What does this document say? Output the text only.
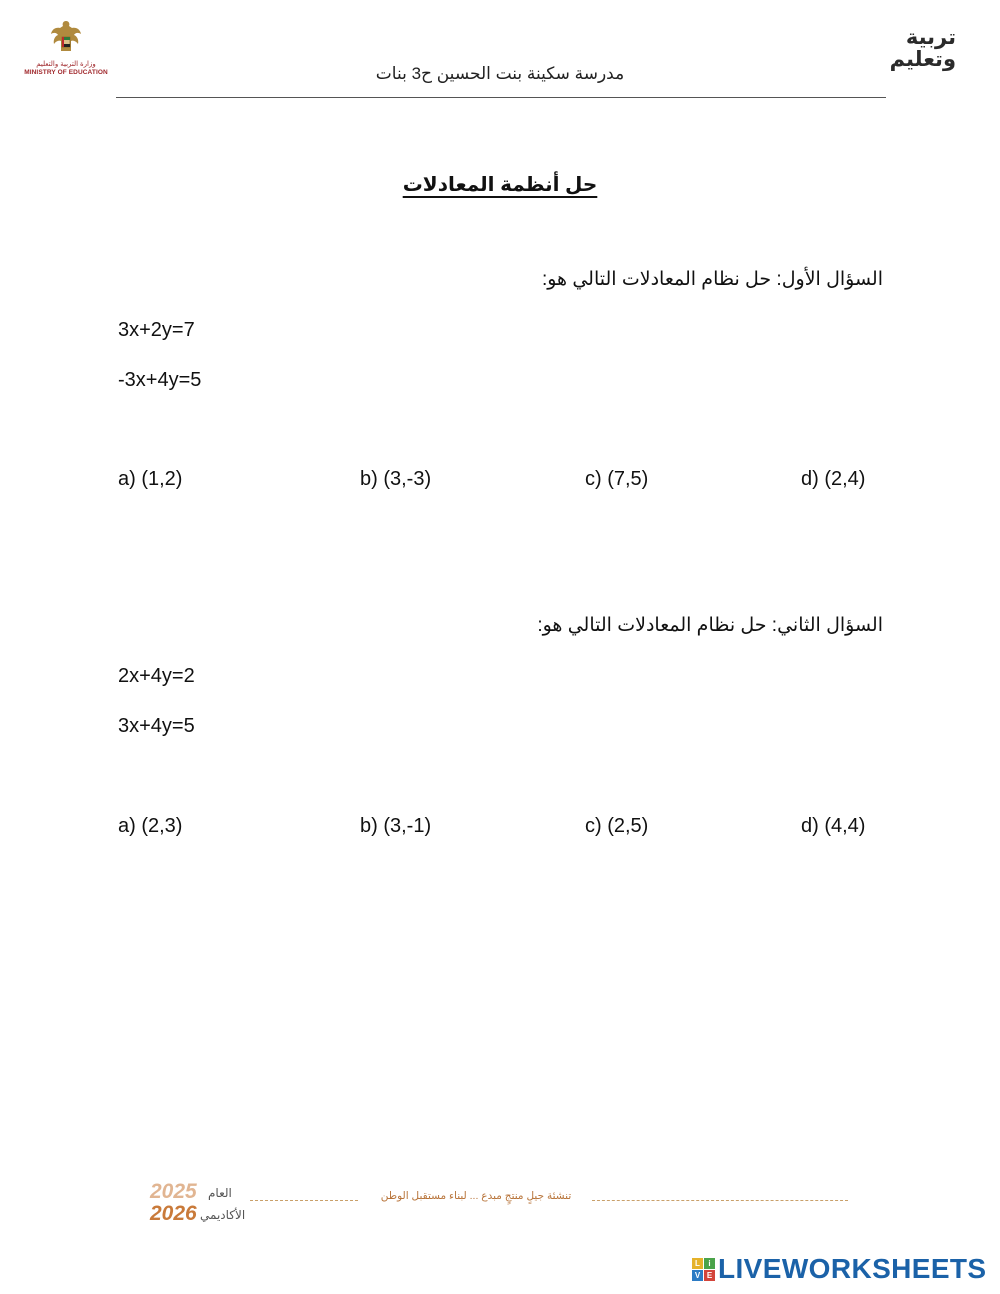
وزارة التربية والتعليم
MINISTRY OF EDUCATION
تربية
وتعليم
مدرسة سكينة بنت الحسين ح3 بنات
حل أنظمة المعادلات
السؤال الأول: حل نظام المعادلات التالي هو:
3x+2y=7
-3x+4y=5
a) (1,2)	b) (3,-3)	c) (7,5)	d) (2,4)
السؤال الثاني: حل نظام المعادلات التالي هو:
2x+4y=2
3x+4y=5
a) (2,3)	b) (3,-1)	c) (2,5)	d) (4,4)
2025
2026
العام
الأكاديمي
تنشئة جيلٍ منتجٍ مبدع ... لبناء مستقبل الوطن
L	i
V E LIVEWORKSHEETS
